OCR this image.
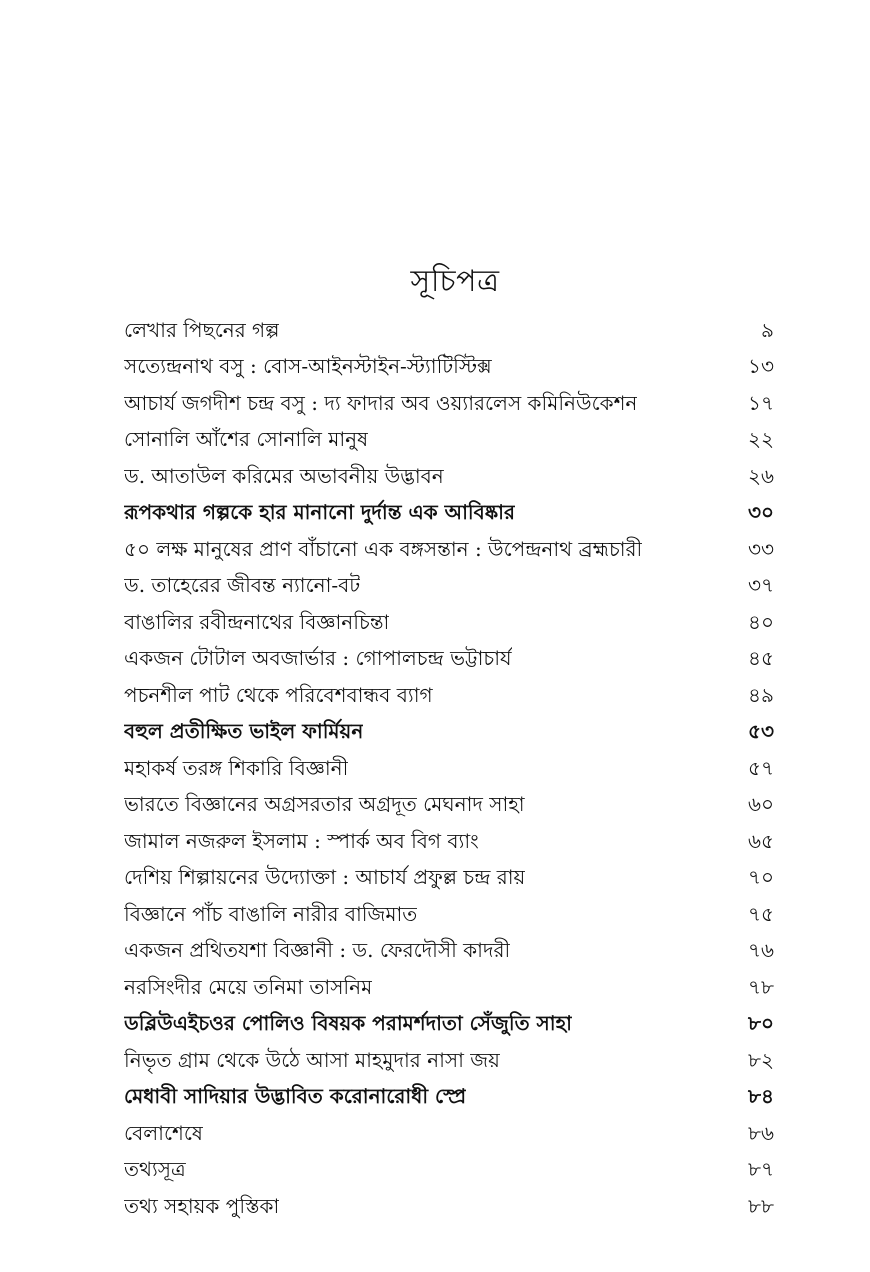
সূচিপত্র
লেখার পিছনের গল্প	৯
সত্যেন্দ্রনাথ বসু : বোস-আইনস্টাইন-স্ট্যাটিস্টিক্স	১৩
আচার্য জগদীশ চন্দ্র বসু : দ্য ফাদার অব ওয়্যারলেস কমিনিউকেশন	১৭
সোনালি আঁশের সোনালি মানুষ	২২
ড. আতাউল করিমের অভাবনীয় উদ্ভাবন	২৬
রূপকথার গল্পকে হার মানানো দুর্দান্ত এক আবিষ্কার	৩০
৫০ লক্ষ মানুষের প্রাণ বাঁচানো এক বঙ্গসন্তান : উপেন্দ্রনাথ ব্রহ্মচারী	৩৩
ড. তাহেরের জীবন্ত ন্যানো-বট	৩৭
বাঙালির রবীন্দ্রনাথের বিজ্ঞানচিন্তা	৪০
একজন টোটাল অবজার্ভার : গোপালচন্দ্র ভট্টাচার্য	৪৫
পচনশীল পাট থেকে পরিবেশবান্ধব ব্যাগ	৪৯
বহুল প্রতীক্ষিত ভাইল ফার্মিয়ন	৫৩
মহাকর্ষ তরঙ্গ শিকারি বিজ্ঞানী	৫৭
ভারতে বিজ্ঞানের অগ্রসরতার অগ্রদূত মেঘনাদ সাহা	৬০
জামাল নজরুল ইসলাম : স্পার্ক অব বিগ ব্যাং	৬৫
দেশিয় শিল্পায়নের উদ্যোক্তা : আচার্য প্রফুল্ল চন্দ্র রায়	৭০
বিজ্ঞানে পাঁচ বাঙালি নারীর বাজিমাত	৭৫
একজন প্রথিতযশা বিজ্ঞানী : ড. ফেরদৌসী কাদরী	৭৬
নরসিংদীর মেয়ে তনিমা তাসনিম	৭৮
ডব্লিউএইচওর পোলিও বিষয়ক পরামর্শদাতা সেঁজুতি সাহা	৮০
নিভৃত গ্রাম থেকে উঠে আসা মাহমুদার নাসা জয়	৮২
মেধাবী সাদিয়ার উদ্ভাবিত করোনারোধী স্প্রে	৮৪
বেলাশেষে	৮৬
তথ্যসূত্র	৮৭
তথ্য সহায়ক পুস্তিকা	৮৮
